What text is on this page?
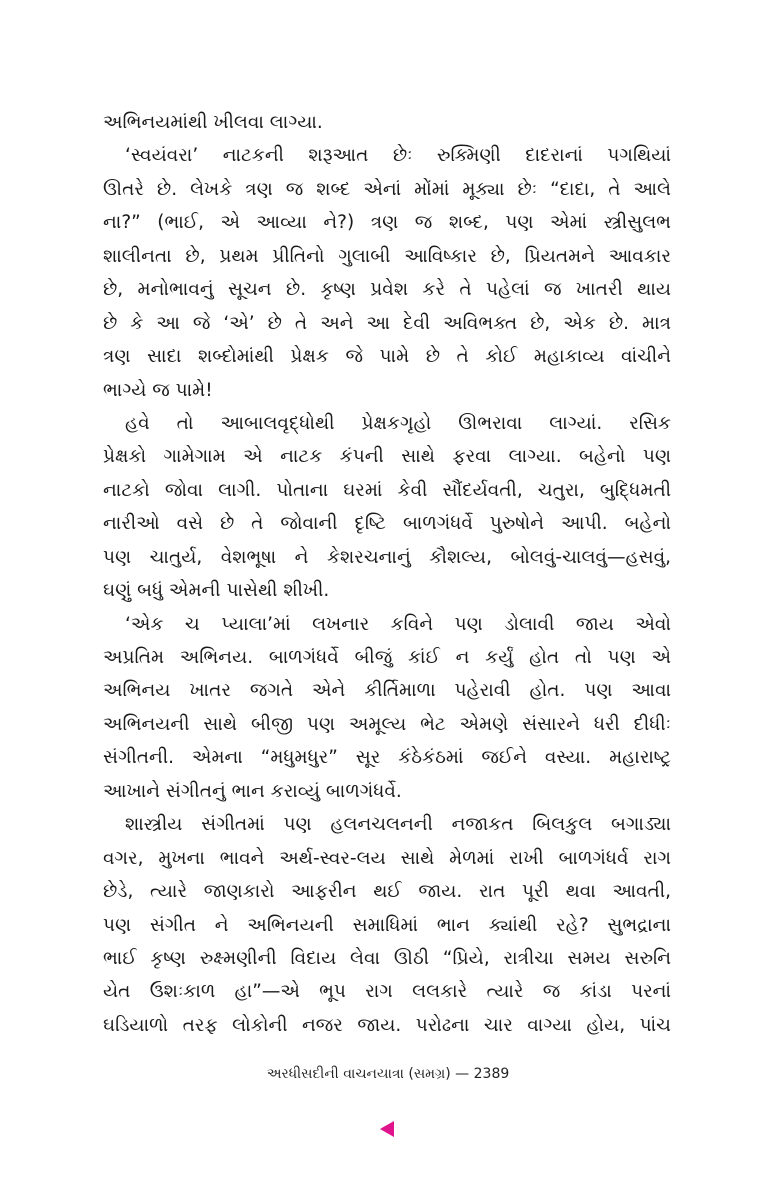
અભિનયમાંથી ખીલવા લાગ્યા.
‘સ્વયંવરા’ નાટકની શરૂઆત છેઃ રુક્મિણી દાદરાનાં પગથિયાં
ઊતરે છે. લેખકે ત્રણ જ શબ્દ એનાં મોંમાં મૂક્યા છેઃ “દાદા, તે આલે
ના?” (ભાઈ, એ આવ્યા ને?) ત્રણ જ શબ્દ, પણ એમાં સ્ત્રીસુલભ
શાલીનતા છે, પ્રથમ પ્રીતિનો ગુલાબી આવિષ્કાર છે, પ્રિયતમને આવકાર
છે, મનોભાવનું સૂચન છે. કૃષ્ણ પ્રવેશ કરે તે પહેલાં જ ખાતરી થાય
છે કે આ જે ‘એ’ છે તે અને આ દેવી અવિભક્ત છે, એક છે. માત્ર
ત્રણ સાદા શબ્દોમાંથી પ્રેક્ષક જે પામે છે તે કોઈ મહાકાવ્ય વાંચીને
ભાગ્યે જ પામે!
હવે તો આબાલવૃદ્ધોથી પ્રેક્ષકગૃહો ઊભરાવા લાગ્યાં. રસિક
પ્રેક્ષકો ગામેગામ એ નાટક કંપની સાથે ફરવા લાગ્યા. બહેનો પણ
નાટકો જોવા લાગી. પોતાના ઘરમાં કેવી સૌંદર્યવતી, ચતુરા, બુદ્ધિમતી
નારીઓ વસે છે તે જોવાની દૃષ્ટિ બાળગંધર્વે પુરુષોને આપી. બહેનો
પણ ચાતુર્ય, વેશભૂષા ને કેશરચનાનું કૌશલ્ય, બોલવું-ચાલવું—હસવું,
ઘણું બધું એમની પાસેથી શીખી.
‘એક ચ પ્યાલા’માં લખનાર કવિને પણ ડોલાવી જાય એવો
અપ્રતિમ અભિનય. બાળગંધર્વે બીજું કાંઈ ન કર્યું હોત તો પણ એ
અભિનય ખાતર જગતે એને કીર્તિમાળા પહેરાવી હોત. પણ આવા
અભિનયની સાથે બીજી પણ અમૂલ્ય ભેટ એમણે સંસારને ધરી દીધીઃ
સંગીતની. એમના “મધુમધુર” સૂર કંઠેકંઠમાં જઈને વસ્યા. મહારાષ્ટ્ર
આખાને સંગીતનું ભાન કરાવ્યું બાળગંધર્વે.
શાસ્ત્રીય સંગીતમાં પણ હલનચલનની નજાકત બિલકુલ બગાડ્યા
વગર, મુખના ભાવને અર્થ-સ્વર-લય સાથે મેળમાં રાખી બાળગંધર્વ રાગ
છેડે, ત્યારે જાણકારો આફરીન થઈ જાય. રાત પૂરી થવા આવતી,
પણ સંગીત ને અભિનયની સમાધિમાં ભાન ક્યાંથી રહે? સુભદ્રાના
ભાઈ કૃષ્ણ રુક્ષ્મણીની વિદાય લેવા ઊઠી “પ્રિયે, રાત્રીચા સમય સરુનિ
યેત ઉશઃકાળ હા”—એ ભૂપ રાગ લલકારે ત્યારે જ કાંડા પરનાં
ઘડિયાળો તરફ લોકોની નજર જાય. પરોઢના ચાર વાગ્યા હોય, પાંચ
અરધીસદીની વાચનયાત્રા (સમગ્ર) — 2389
